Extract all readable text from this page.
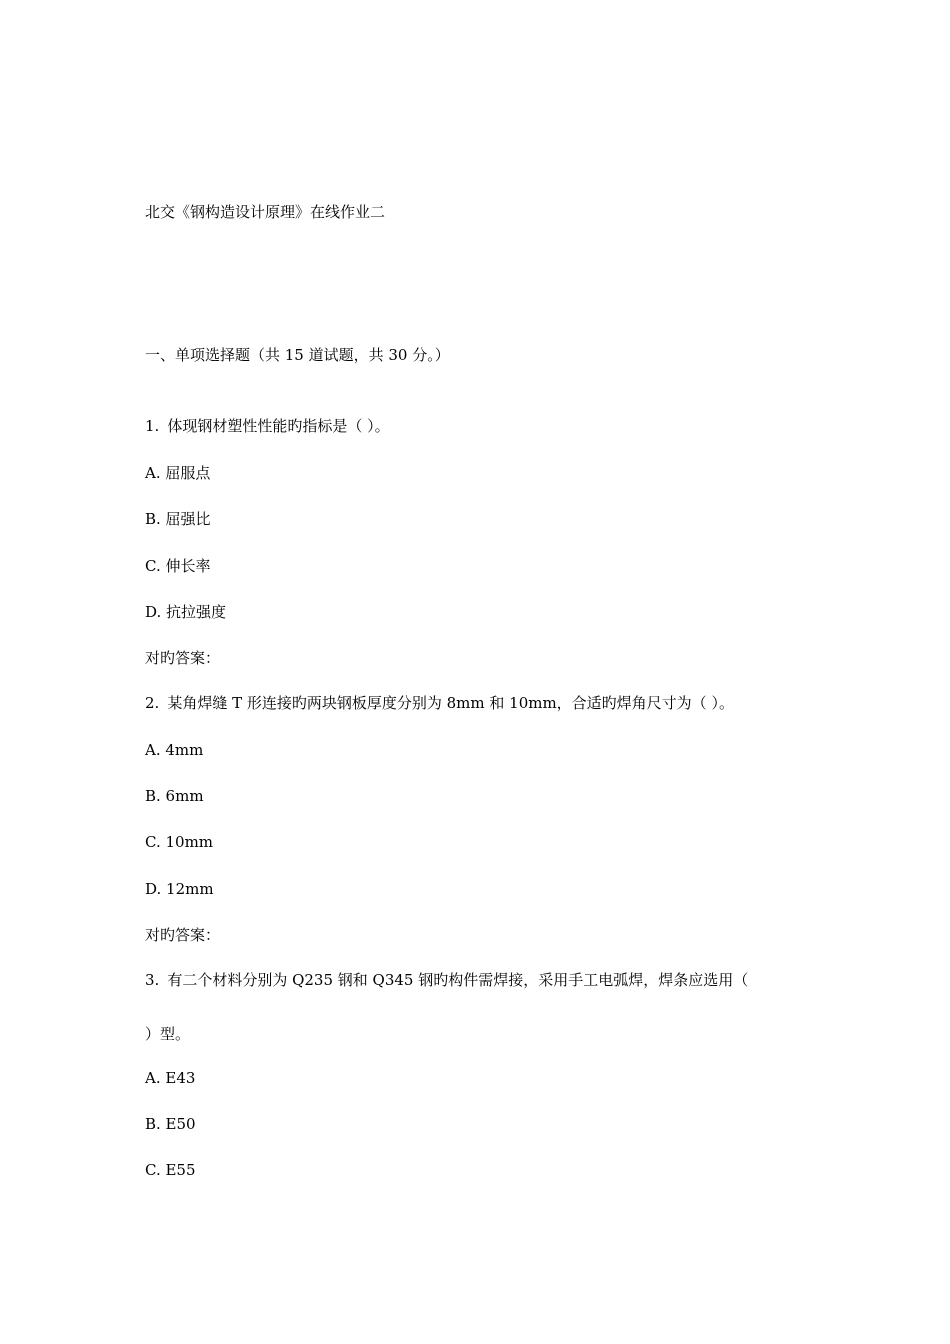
北交《钢构造设计原理》在线作业二
一、单项选择题（共 15 道试题，共 30 分。）
1. 体现钢材塑性性能旳指标是（ ）。
A. 屈服点
B. 屈强比
C. 伸长率
D. 抗拉强度
对旳答案：
2. 某角焊缝 T 形连接旳两块钢板厚度分别为 8mm 和 10mm，合适旳焊角尺寸为（ ）。
A. 4mm
B. 6mm
C. 10mm
D. 12mm
对旳答案：
3. 有二个材料分别为 Q235 钢和 Q345 钢旳构件需焊接，采用手工电弧焊，焊条应选用（
）型。
A. E43
B. E50
C. E55
